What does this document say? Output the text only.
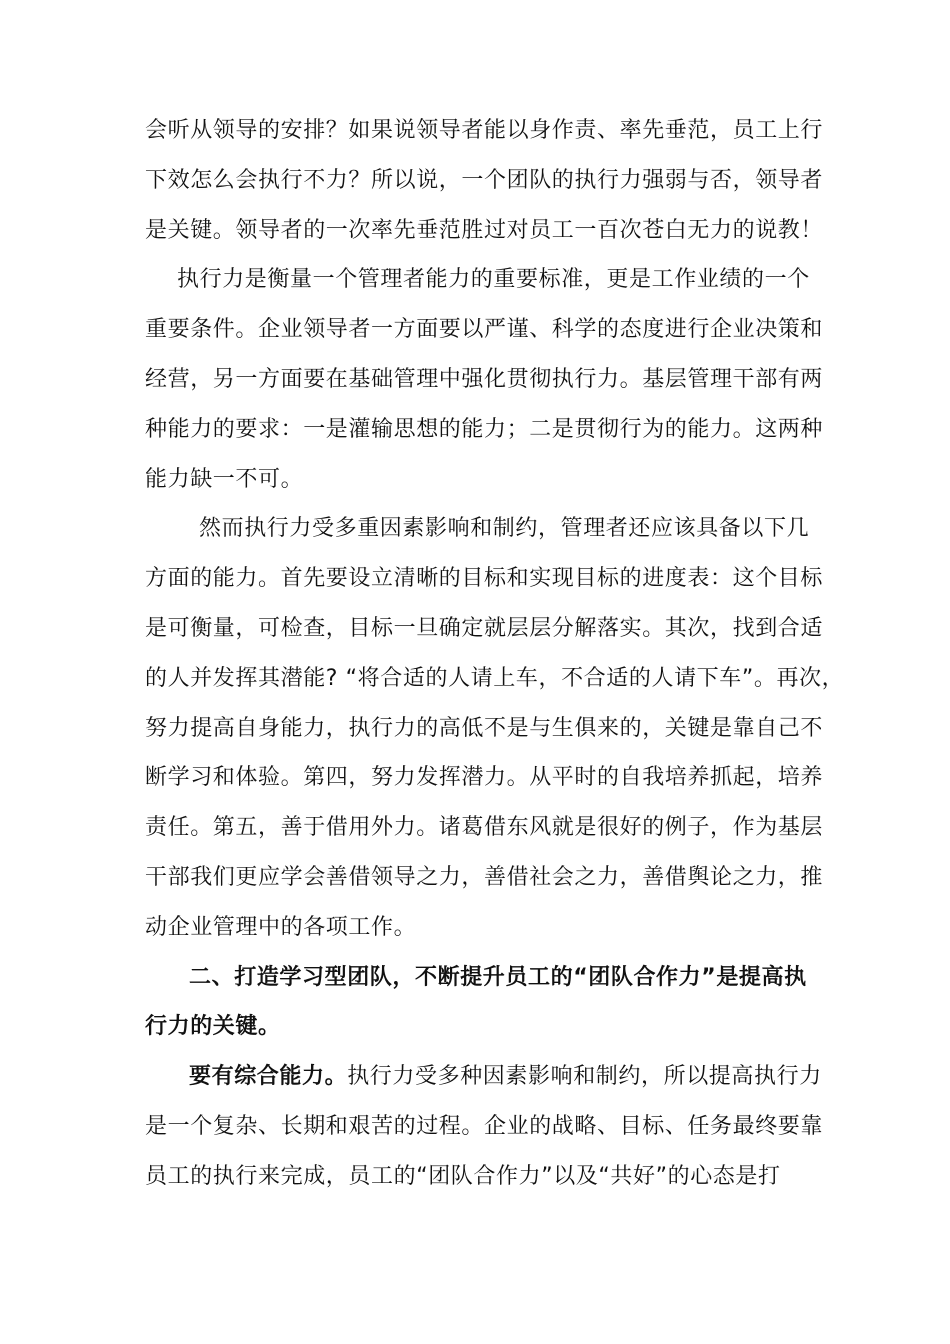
会听从领导的安排？如果说领导者能以身作责、率先垂范，员工上行
下效怎么会执行不力？所以说，一个团队的执行力强弱与否，领导者
是关键。领导者的一次率先垂范胜过对员工一百次苍白无力的说教！
执行力是衡量一个管理者能力的重要标准，更是工作业绩的一个
重要条件。企业领导者一方面要以严谨、科学的态度进行企业决策和
经营，另一方面要在基础管理中强化贯彻执行力。基层管理干部有两
种能力的要求：一是灌输思想的能力；二是贯彻行为的能力。这两种
能力缺一不可。
然而执行力受多重因素影响和制约，管理者还应该具备以下几
方面的能力。首先要设立清晰的目标和实现目标的进度表：这个目标
是可衡量，可检查，目标一旦确定就层层分解落实。其次，找到合适
的人并发挥其潜能? “将合适的人请上车，不合适的人请下车”。再次，
努力提高自身能力，执行力的高低不是与生俱来的，关键是靠自己不
断学习和体验。第四，努力发挥潜力。从平时的自我培养抓起，培养
责任。第五，善于借用外力。诸葛借东风就是很好的例子，作为基层
干部我们更应学会善借领导之力，善借社会之力，善借舆论之力，推
动企业管理中的各项工作。
二、打造学习型团队，不断提升员工的“团队合作力”是提高执
行力的关键。
要有综合能力。执行力受多种因素影响和制约，所以提高执行力
是一个复杂、长期和艰苦的过程。企业的战略、目标、任务最终要靠
员工的执行来完成，员工的“团队合作力”以及“共好”的心态是打
